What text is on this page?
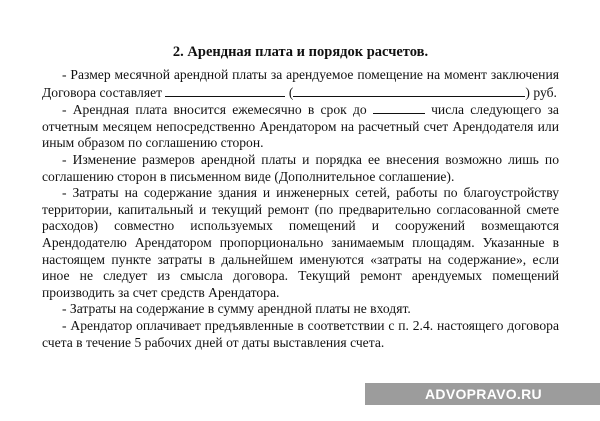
2. Арендная плата и порядок расчетов.

- Размер месячной арендной платы за арендуемое помещение на момент заключения Договора составляет	(	) руб.

- Арендная плата вносится ежемесячно в срок до	числа следующего за отчетным месяцем непосредственно Арендатором на расчетный счет Арендодателя или иным образом по соглашению сторон.

- Изменение размеров арендной платы и порядка ее внесения возможно лишь по соглашению сторон в письменном виде (Дополнительное соглашение).

- Затраты на содержание здания и инженерных сетей, работы по благоустройству территории, капитальный и текущий ремонт (по предварительно согласованной смете расходов) совместно используемых помещений и сооружений возмещаются Арендодателю Арендатором пропорционально занимаемым площадям. Указанные в настоящем пункте затраты в дальнейшем именуются «затраты на содержание», если иное не следует из смысла договора. Текущий ремонт арендуемых помещений производить за счет средств Арендатора.

- Затраты на содержание в сумму арендной платы не входят.

- Арендатор оплачивает предъявленные в соответствии с п. 2.4. настоящего договора счета в течение 5 рабочих дней от даты выставления счета.

ADVOPRAVO.RU
